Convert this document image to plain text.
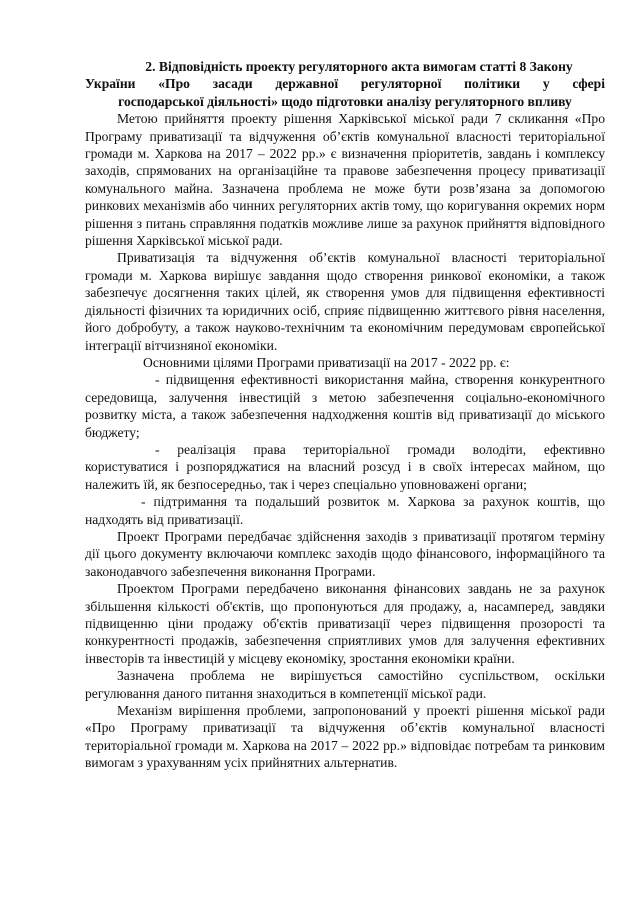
2. Відповідність проекту регуляторного акта вимогам статті 8 Закону
України «Про засади державної регуляторної політики у сфері
господарської діяльності» щодо підготовки аналізу регуляторного впливу

Метою прийняття проекту рішення Харківської міської ради 7 скликання «Про Програму приватизації та відчуження об’єктів комунальної власності територіальної громади м. Харкова на 2017 – 2022 рр.» є визначення пріоритетів, завдань і комплексу заходів, спрямованих на організаційне та правове забезпечення процесу приватизації комунального майна. Зазначена проблема не може бути розв’язана за допомогою ринкових механізмів або чинних регуляторних актів тому, що коригування окремих норм рішення з питань справляння податків можливе лише за рахунок прийняття відповідного рішення Харківської міської ради.

Приватизація та відчуження об’єктів комунальної власності територіальної громади м. Харкова вирішує завдання щодо створення ринкової економіки, а також забезпечує досягнення таких цілей, як створення умов для підвищення ефективності діяльності фізичних та юридичних осіб, сприяє підвищенню життєвого рівня населення, його добробуту, а також науково-технічним та економічним передумовам європейської інтеграції вітчизняної економіки.

Основними цілями Програми приватизації на 2017 - 2022 рр. є:

- підвищення ефективності використання майна, створення конкурентного середовища, залучення інвестицій з метою забезпечення соціально-економічного розвитку міста, а також забезпечення надходження коштів від приватизації до міського бюджету;

- реалізація права територіальної громади володіти, ефективно користуватися і розпоряджатися на власний розсуд і в своїх інтересах майном, що належить їй, як безпосередньо, так і через спеціально уповноважені органи;

- підтримання та подальший розвиток м. Харкова за рахунок коштів, що надходять від приватизації.

Проект Програми передбачає здійснення заходів з приватизації протягом терміну дії цього документу включаючи комплекс заходів щодо фінансового, інформаційного та законодавчого забезпечення виконання Програми.

Проектом Програми передбачено виконання фінансових завдань не за рахунок збільшення кількості об'єктів, що пропонуються для продажу, а, насамперед, завдяки підвищенню ціни продажу об'єктів приватизації через підвищення прозорості та конкурентності продажів, забезпечення сприятливих умов для залучення ефективних інвесторів та інвестицій у місцеву економіку, зростання економіки країни.

Зазначена проблема не вирішується самостійно суспільством, оскільки регулювання даного питання знаходиться в компетенції міської ради.

Механізм вирішення проблеми, запропонований у проекті рішення міської ради «Про Програму приватизації та відчуження об’єктів комунальної власності територіальної громади м. Харкова на 2017 – 2022 рр.» відповідає потребам та ринковим вимогам з урахуванням усіх прийнятних альтернатив.
